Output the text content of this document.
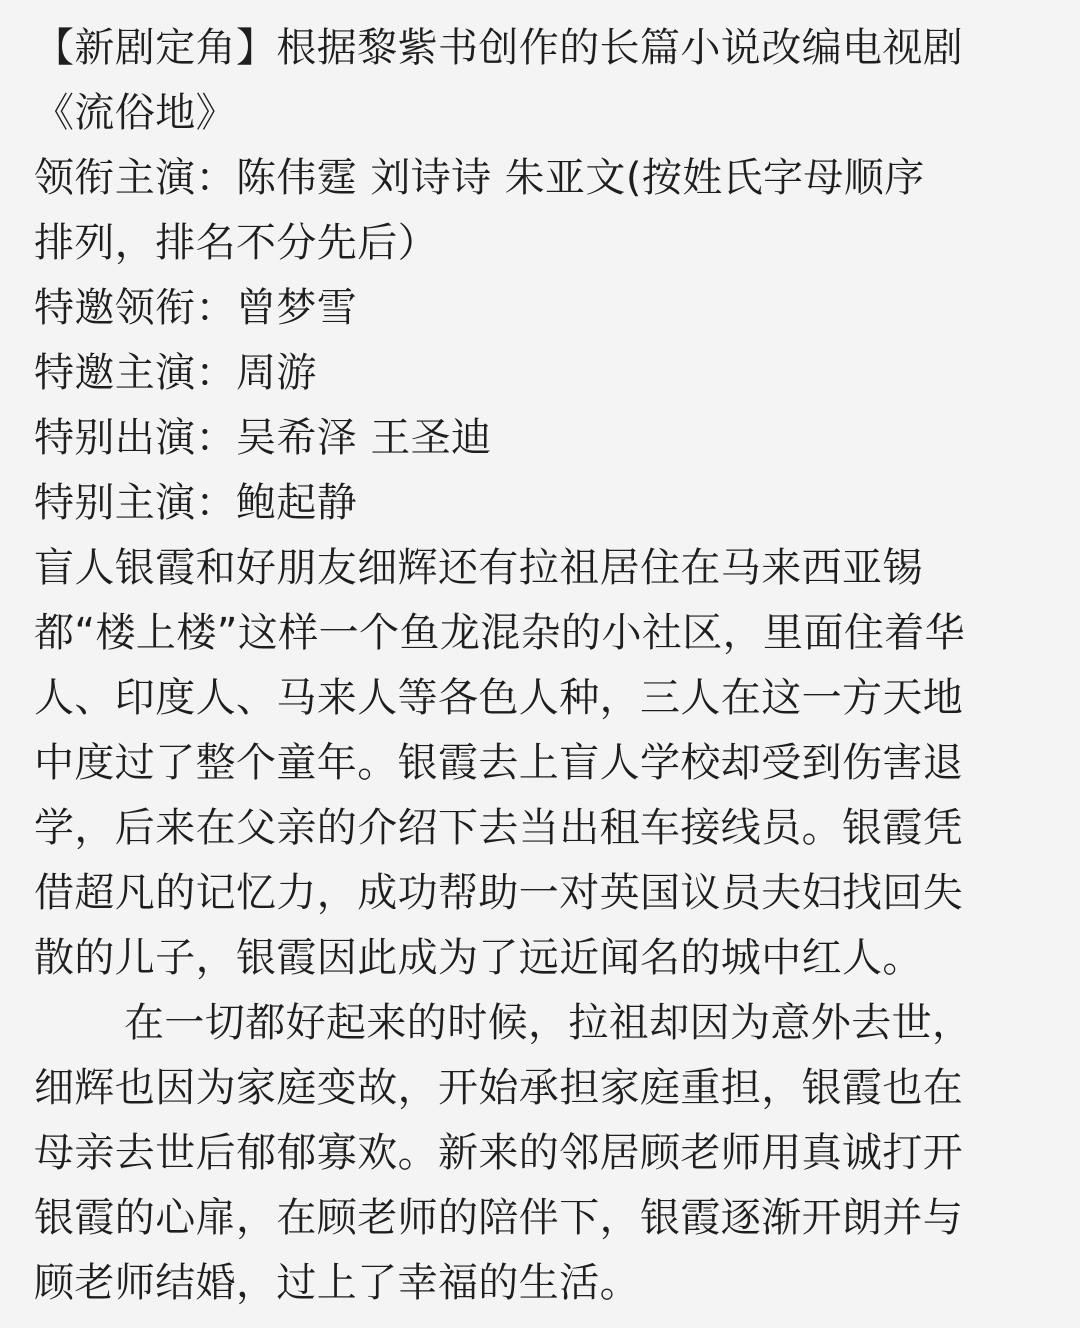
【新剧定角】根据黎紫书创作的长篇小说改编电视剧

《流俗地》

领衔主演：陈伟霆 刘诗诗 朱亚文(按姓氏字母顺序

排列，排名不分先后）

特邀领衔：曾梦雪

特邀主演：周游

特别出演：吴希泽 王圣迪

特别主演：鲍起静

盲人银霞和好朋友细辉还有拉祖居住在马来西亚锡

都“楼上楼”这样一个鱼龙混杂的小社区，里面住着华

人、印度人、马来人等各色人种，三人在这一方天地

中度过了整个童年。银霞去上盲人学校却受到伤害退

学，后来在父亲的介绍下去当出租车接线员。银霞凭

借超凡的记忆力，成功帮助一对英国议员夫妇找回失

散的儿子，银霞因此成为了远近闻名的城中红人。

在一切都好起来的时候，拉祖却因为意外去世，

细辉也因为家庭变故，开始承担家庭重担，银霞也在

母亲去世后郁郁寡欢。新来的邻居顾老师用真诚打开

银霞的心扉，在顾老师的陪伴下，银霞逐渐开朗并与

顾老师结婚，过上了幸福的生活。
